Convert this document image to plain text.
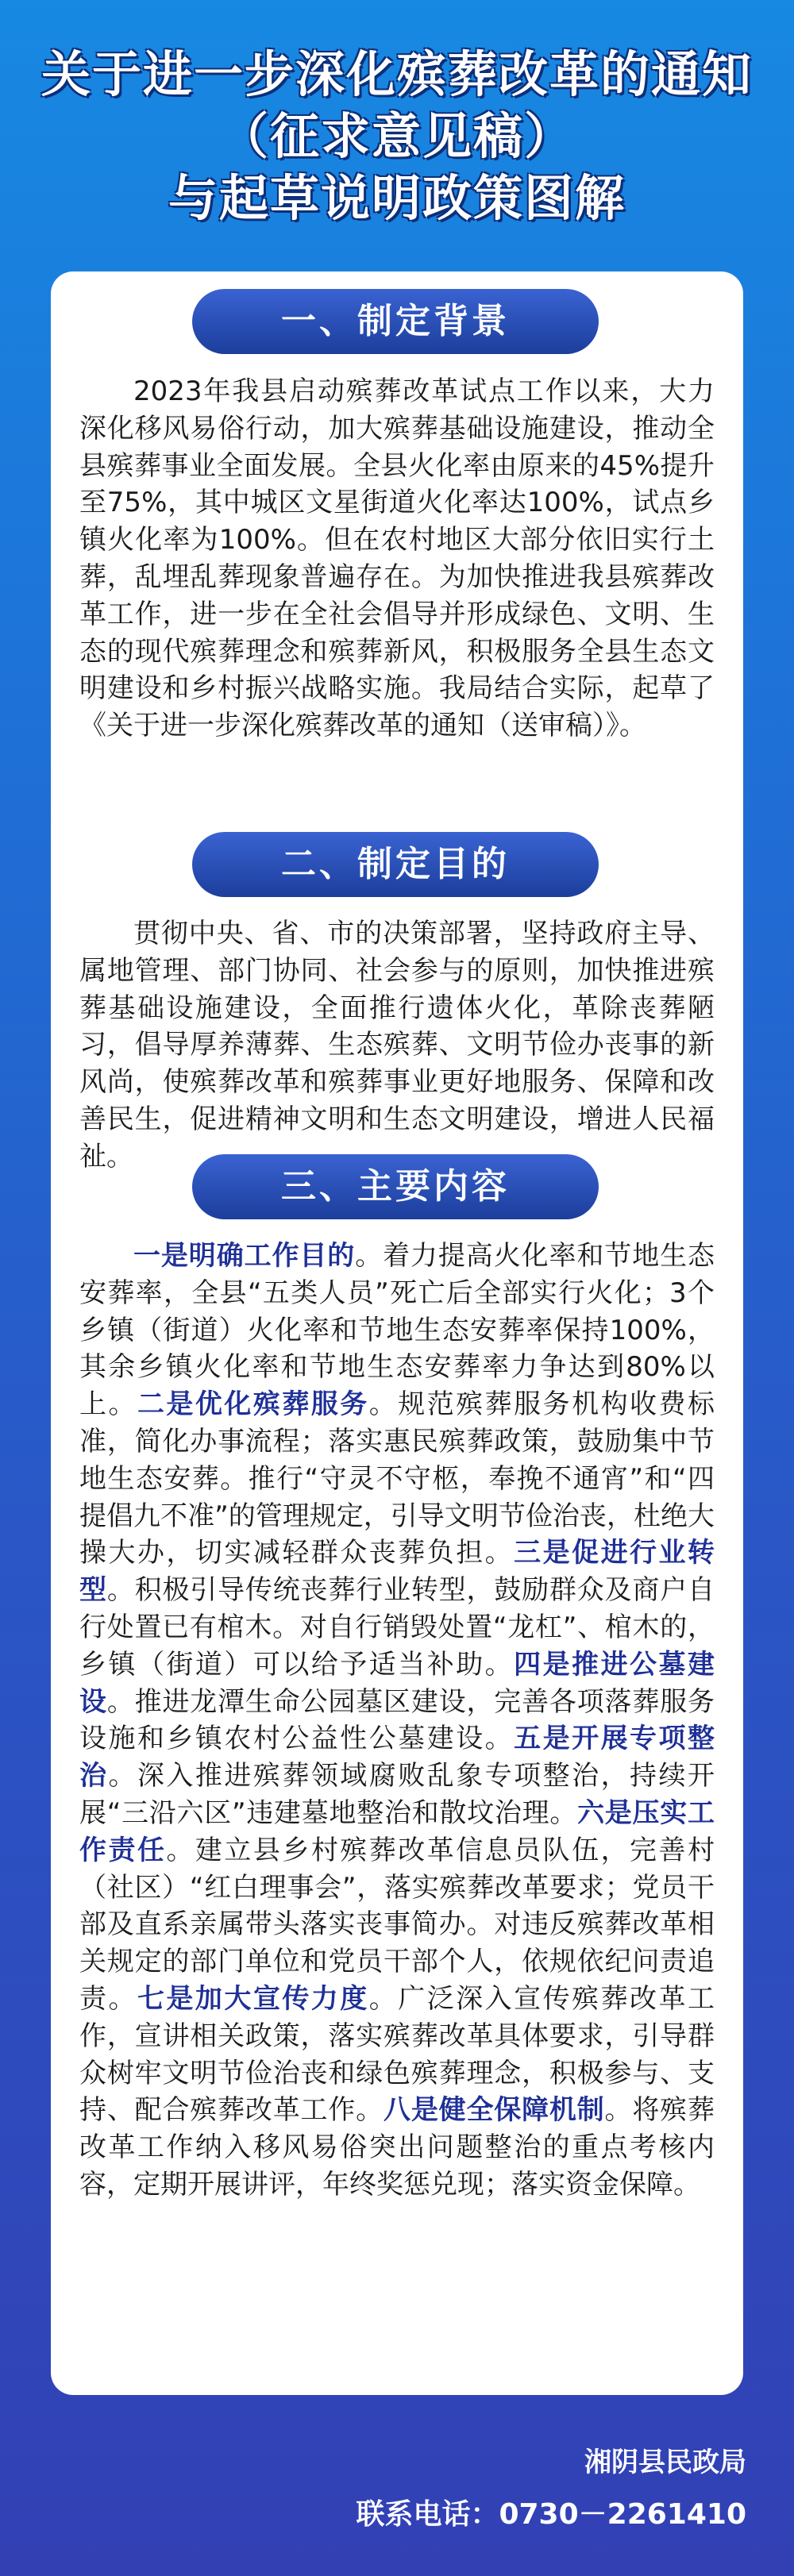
关于进一步深化殡葬改革的通知
（征求意见稿）
与起草说明政策图解
一、制定背景

2023年我县启动殡葬改革试点工作以来，大力深化移风易俗行动，加大殡葬基础设施建设，推动全县殡葬事业全面发展。全县火化率由原来的45%提升至75%，其中城区文星街道火化率达100%，试点乡镇火化率为100%。但在农村地区大部分依旧实行土葬，乱埋乱葬现象普遍存在。为加快推进我县殡葬改革工作，进一步在全社会倡导并形成绿色、文明、生态的现代殡葬理念和殡葬新风，积极服务全县生态文明建设和乡村振兴战略实施。我局结合实际，起草了《关于进一步深化殡葬改革的通知（送审稿）》。

二、制定目的

贯彻中央、省、市的决策部署，坚持政府主导、属地管理、部门协同、社会参与的原则，加快推进殡葬基础设施建设，全面推行遗体火化，革除丧葬陋习，倡导厚养薄葬、生态殡葬、文明节俭办丧事的新风尚，使殡葬改革和殡葬事业更好地服务、保障和改善民生，促进精神文明和生态文明建设，增进人民福祉。

三、主要内容

一是明确工作目的。着力提高火化率和节地生态安葬率，全县“五类人员”死亡后全部实行火化；3个乡镇（街道）火化率和节地生态安葬率保持100%，其余乡镇火化率和节地生态安葬率力争达到80%以上。二是优化殡葬服务。规范殡葬服务机构收费标准，简化办事流程；落实惠民殡葬政策，鼓励集中节地生态安葬。推行“守灵不守柩，奉挽不通宵”和“四提倡九不准”的管理规定，引导文明节俭治丧，杜绝大操大办，切实减轻群众丧葬负担。三是促进行业转型。积极引导传统丧葬行业转型，鼓励群众及商户自行处置已有棺木。对自行销毁处置“龙杠”、棺木的，乡镇（街道）可以给予适当补助。四是推进公墓建设。推进龙潭生命公园墓区建设，完善各项落葬服务设施和乡镇农村公益性公墓建设。五是开展专项整治。深入推进殡葬领域腐败乱象专项整治，持续开展“三沿六区”违建墓地整治和散坟治理。六是压实工作责任。建立县乡村殡葬改革信息员队伍，完善村（社区）“红白理事会”，落实殡葬改革要求；党员干部及直系亲属带头落实丧事简办。对违反殡葬改革相关规定的部门单位和党员干部个人，依规依纪问责追责。七是加大宣传力度。广泛深入宣传殡葬改革工作，宣讲相关政策，落实殡葬改革具体要求，引导群众树牢文明节俭治丧和绿色殡葬理念，积极参与、支持、配合殡葬改革工作。八是健全保障机制。将殡葬改革工作纳入移风易俗突出问题整治的重点考核内容，定期开展讲评，年终奖惩兑现；落实资金保障。

湘阴县民政局
联系电话：0730－2261410
